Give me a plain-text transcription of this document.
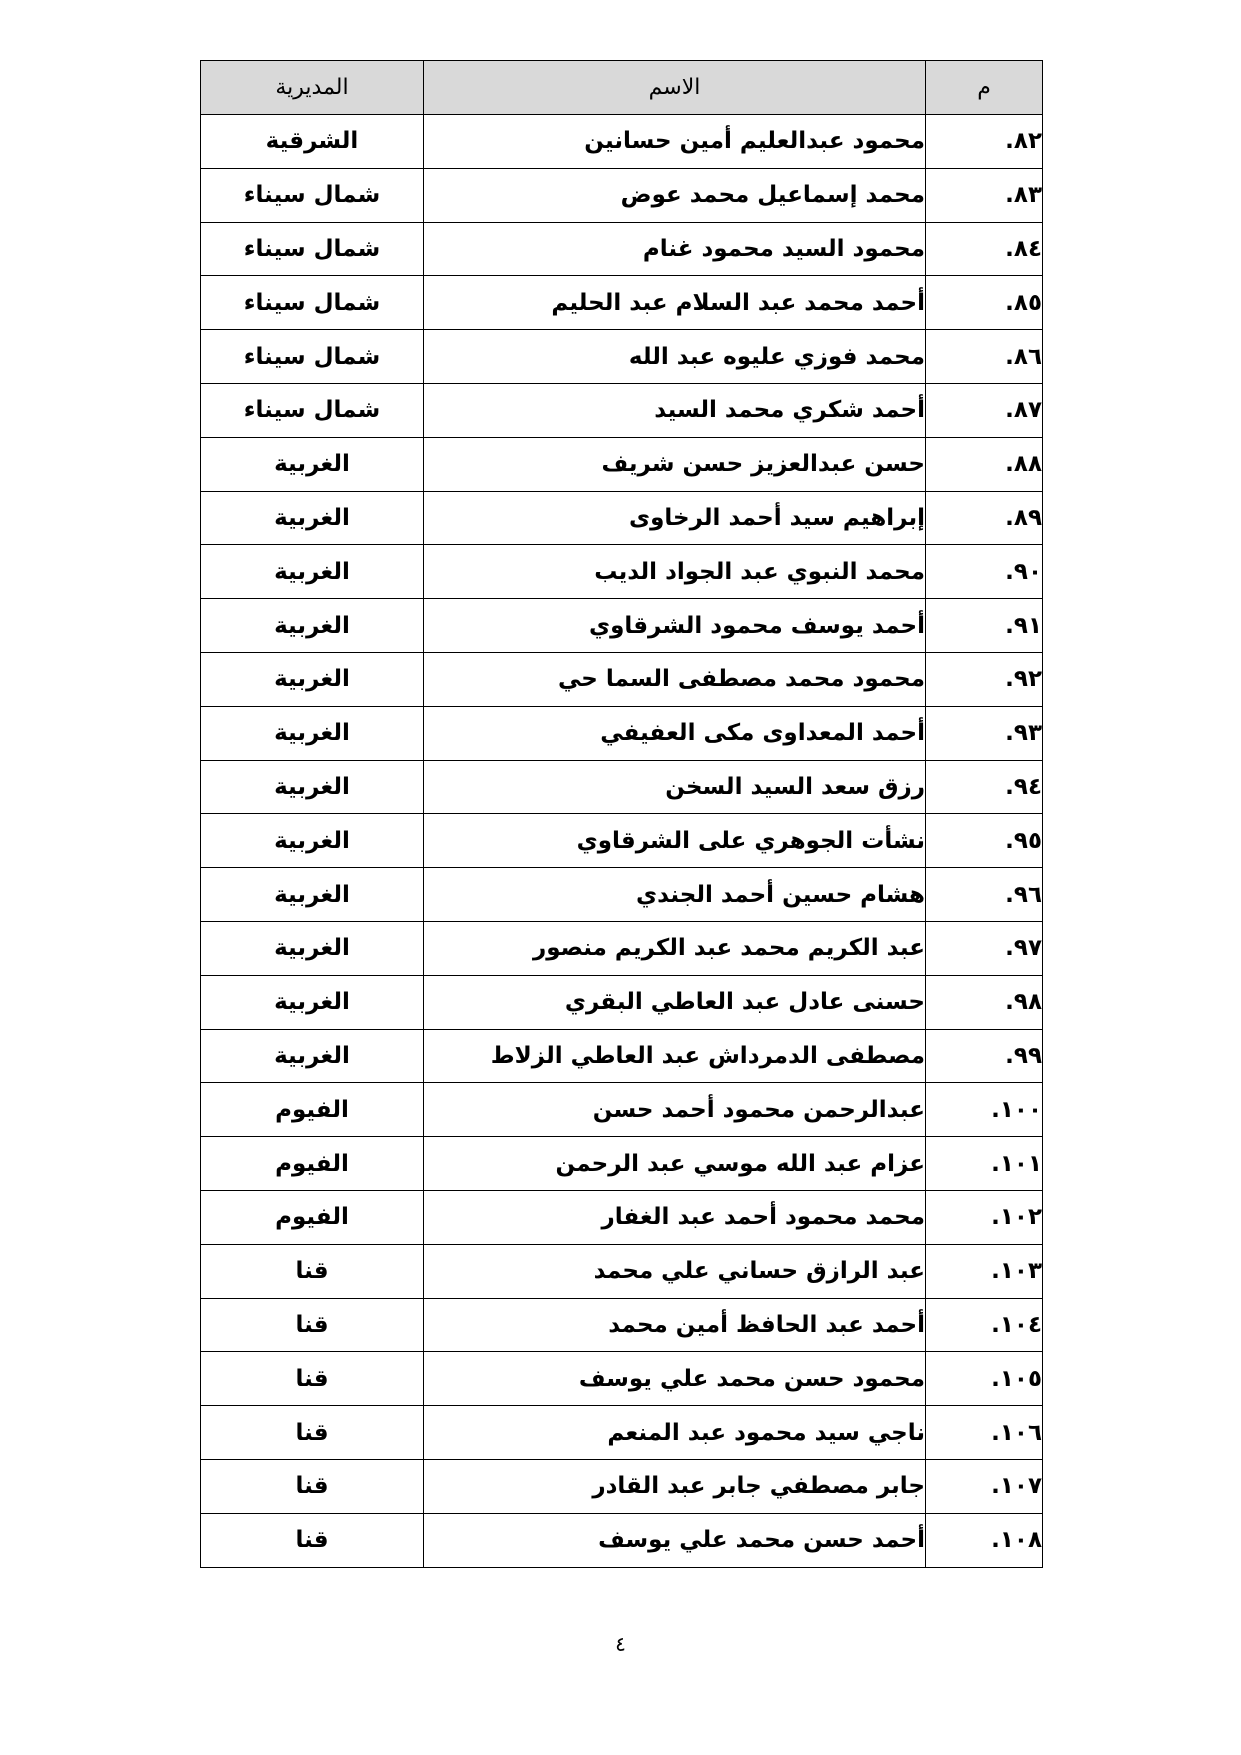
م	الاسم	المديرية
٨٢.	محمود عبدالعليم أمين حسانين	الشرقية
٨٣.	محمد إسماعيل محمد عوض	شمال سيناء
٨٤.	محمود السيد محمود غنام	شمال سيناء
٨٥.	أحمد محمد عبد السلام عبد الحليم	شمال سيناء
٨٦.	محمد فوزي عليوه عبد الله	شمال سيناء
٨٧.	أحمد شكري محمد السيد	شمال سيناء
٨٨.	حسن عبدالعزيز حسن شريف	الغربية
٨٩.	إبراهيم سيد أحمد الرخاوى	الغربية
٩٠.	محمد النبوي عبد الجواد الديب	الغربية
٩١.	أحمد يوسف محمود الشرقاوي	الغربية
٩٢.	محمود محمد مصطفى السما حي	الغربية
٩٣.	أحمد المعداوى مكى العفيفي	الغربية
٩٤.	رزق سعد السيد السخن	الغربية
٩٥.	نشأت الجوهري على الشرقاوي	الغربية
٩٦.	هشام حسين أحمد الجندي	الغربية
٩٧.	عبد الكريم محمد عبد الكريم منصور	الغربية
٩٨.	حسنى عادل عبد العاطي البقري	الغربية
٩٩.	مصطفى الدمرداش عبد العاطي الزلاط	الغربية
١٠٠.	عبدالرحمن محمود أحمد حسن	الفيوم
١٠١.	عزام عبد الله موسي عبد الرحمن	الفيوم
١٠٢.	محمد محمود أحمد عبد الغفار	الفيوم
١٠٣.	عبد الرازق حساني علي محمد	قنا
١٠٤.	أحمد عبد الحافظ أمين محمد	قنا
١٠٥.	محمود حسن محمد علي يوسف	قنا
١٠٦.	ناجي سيد محمود عبد المنعم	قنا
١٠٧.	جابر مصطفي جابر عبد القادر	قنا
١٠٨.	أحمد حسن محمد علي يوسف	قنا
٤
